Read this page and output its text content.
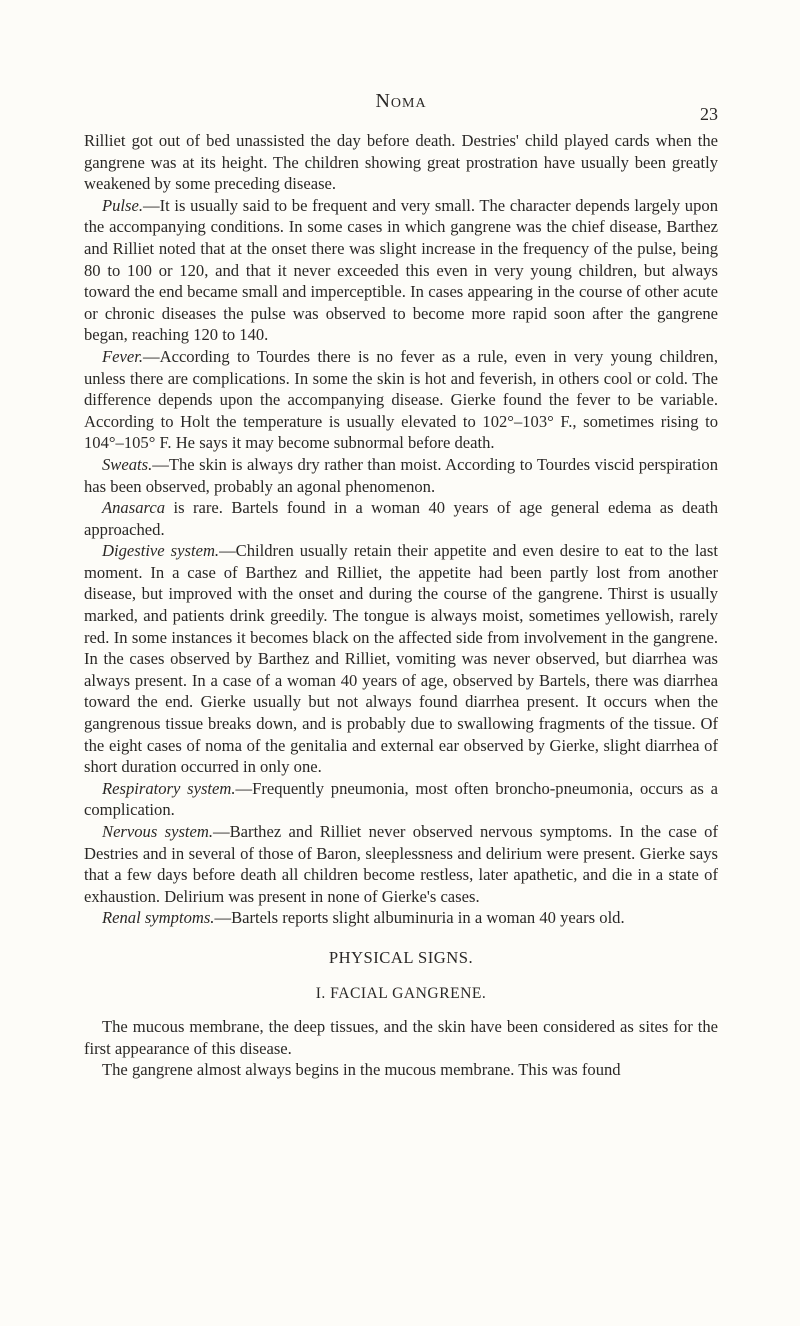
Noma
23

Rilliet got out of bed unassisted the day before death. Destries' child played cards when the gangrene was at its height. The children showing great prostration have usually been greatly weakened by some preceding disease.

Pulse.—It is usually said to be frequent and very small. The character depends largely upon the accompanying conditions. In some cases in which gangrene was the chief disease, Barthez and Rilliet noted that at the onset there was slight increase in the frequency of the pulse, being 80 to 100 or 120, and that it never exceeded this even in very young children, but always toward the end became small and imperceptible. In cases appearing in the course of other acute or chronic diseases the pulse was observed to become more rapid soon after the gangrene began, reaching 120 to 140.

Fever.—According to Tourdes there is no fever as a rule, even in very young children, unless there are complications. In some the skin is hot and feverish, in others cool or cold. The difference depends upon the accompanying disease. Gierke found the fever to be variable. According to Holt the temperature is usually elevated to 102°–103° F., sometimes rising to 104°–105° F. He says it may become subnormal before death.

Sweats.—The skin is always dry rather than moist. According to Tourdes viscid perspiration has been observed, probably an agonal phenomenon.

Anasarca is rare. Bartels found in a woman 40 years of age general edema as death approached.

Digestive system.—Children usually retain their appetite and even desire to eat to the last moment. In a case of Barthez and Rilliet, the appetite had been partly lost from another disease, but improved with the onset and during the course of the gangrene. Thirst is usually marked, and patients drink greedily. The tongue is always moist, sometimes yellowish, rarely red. In some instances it becomes black on the affected side from involvement in the gangrene. In the cases observed by Barthez and Rilliet, vomiting was never observed, but diarrhea was always present. In a case of a woman 40 years of age, observed by Bartels, there was diarrhea toward the end. Gierke usually but not always found diarrhea present. It occurs when the gangrenous tissue breaks down, and is probably due to swallowing fragments of the tissue. Of the eight cases of noma of the genitalia and external ear observed by Gierke, slight diarrhea of short duration occurred in only one.

Respiratory system.—Frequently pneumonia, most often broncho-pneumonia, occurs as a complication.

Nervous system.—Barthez and Rilliet never observed nervous symptoms. In the case of Destries and in several of those of Baron, sleeplessness and delirium were present. Gierke says that a few days before death all children become restless, later apathetic, and die in a state of exhaustion. Delirium was present in none of Gierke's cases.

Renal symptoms.—Bartels reports slight albuminuria in a woman 40 years old.

PHYSICAL SIGNS.
I. FACIAL GANGRENE.

The mucous membrane, the deep tissues, and the skin have been considered as sites for the first appearance of this disease.

The gangrene almost always begins in the mucous membrane. This was found
